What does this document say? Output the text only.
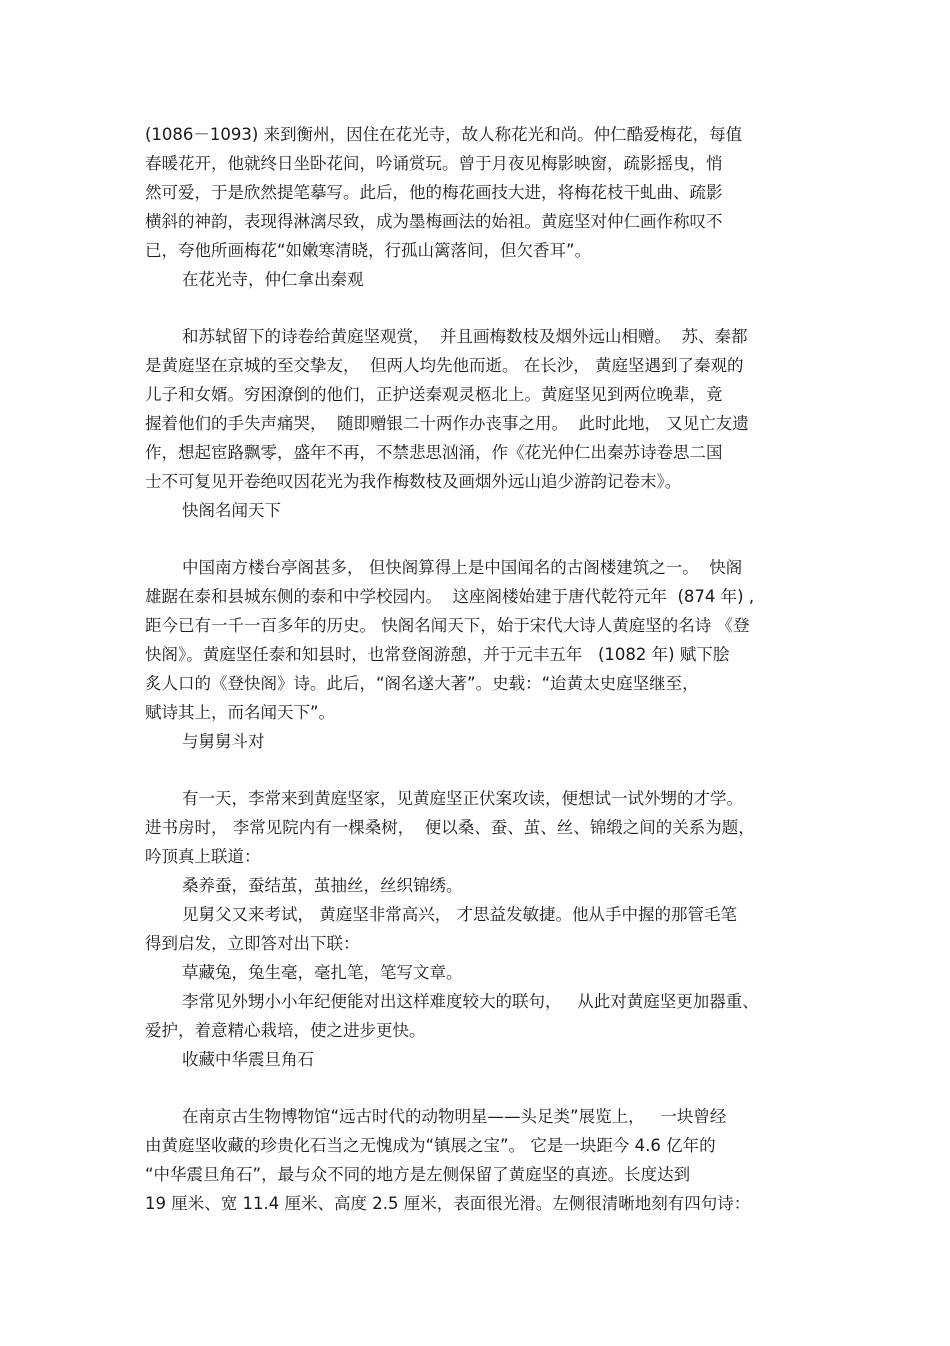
(1086－1093) 来到衡州，因住在花光寺，故人称花光和尚。仲仁酷爱梅花，每值
春暖花开，他就终日坐卧花间，吟诵赏玩。曾于月夜见梅影映窗，疏影摇曳，悄
然可爱，于是欣然提笔摹写。此后，他的梅花画技大进，将梅花枝干虬曲、疏影
横斜的神韵，表现得淋漓尽致，成为墨梅画法的始祖。黄庭坚对仲仁画作称叹不
已，夸他所画梅花“如嫩寒清晓，行孤山篱落间，但欠香耳”。
在花光寺，仲仁拿出秦观
和苏轼留下的诗卷给黄庭坚观赏，  并且画梅数枝及烟外远山相赠。  苏、秦都
是黄庭坚在京城的至交挚友，  但两人均先他而逝。 在长沙， 黄庭坚遇到了秦观的
儿子和女婿。穷困潦倒的他们，正护送秦观灵柩北上。黄庭坚见到两位晚辈，竟
握着他们的手失声痛哭，  随即赠银二十两作办丧事之用。  此时此地， 又见亡友遗
作，想起宦路飘零，盛年不再，不禁悲思汹涌，作《花光仲仁出秦苏诗卷思二国
士不可复见开卷绝叹因花光为我作梅数枝及画烟外远山追少游韵记卷末》。
快阁名闻天下
中国南方楼台亭阁甚多， 但快阁算得上是中国闻名的古阁楼建筑之一。  快阁
雄踞在泰和县城东侧的泰和中学校园内。  这座阁楼始建于唐代乾符元年  (874 年) ,
距今已有一千一百多年的历史。 快阁名闻天下，始于宋代大诗人黄庭坚的名诗 《登
快阁》。黄庭坚任泰和知县时，也常登阁游憩，并于元丰五年   (1082 年) 赋下脍
炙人口的《登快阁》诗。此后，“阁名遂大著”。史载：“迨黄太史庭坚继至，
赋诗其上，而名闻天下”。
与舅舅斗对
有一天，李常来到黄庭坚家，见黄庭坚正伏案攻读，便想试一试外甥的才学。
进书房时， 李常见院内有一棵桑树，  便以桑、蚕、茧、丝、锦缎之间的关系为题，
吟顶真上联道：
桑养蚕，蚕结茧，茧抽丝，丝织锦绣。
见舅父又来考试， 黄庭坚非常高兴， 才思益发敏捷。他从手中握的那管毛笔
得到启发，立即答对出下联：
草藏兔，兔生毫，毫扎笔，笔写文章。
李常见外甥小小年纪便能对出这样难度较大的联句，   从此对黄庭坚更加器重、
爱护，着意精心栽培，使之进步更快。
收藏中华震旦角石
在南京古生物博物馆“远古时代的动物明星——头足类”展览上，   一块曾经
由黄庭坚收藏的珍贵化石当之无愧成为“镇展之宝”。 它是一块距今 4.6 亿年的
“中华震旦角石”，最与众不同的地方是左侧保留了黄庭坚的真迹。长度达到
19 厘米、宽 11.4 厘米、高度 2.5 厘米，表面很光滑。左侧很清晰地刻有四句诗：
